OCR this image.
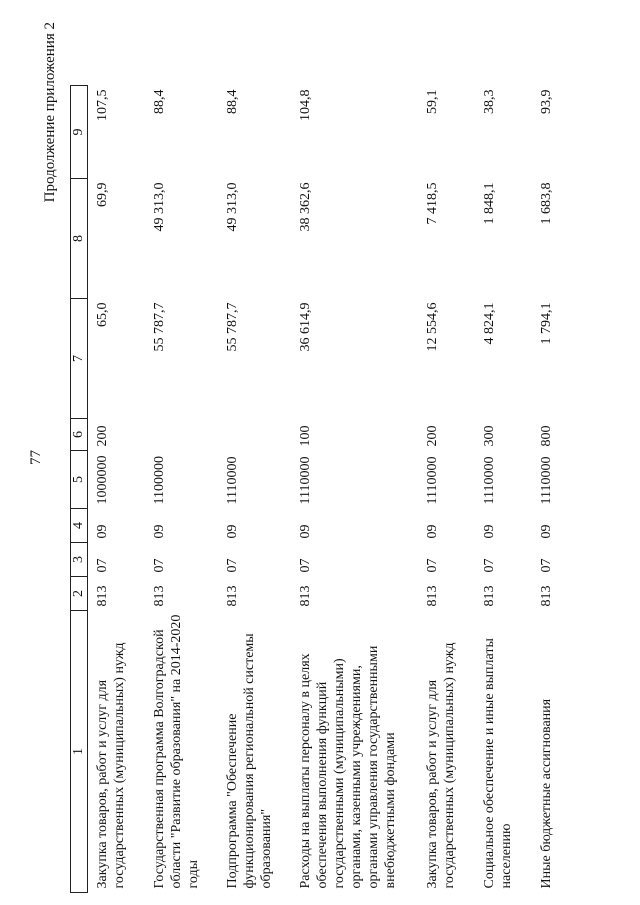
77
Продолжение приложения 2
1	2	3	4	5	6	7	8	9
Закупка товаров, работ и услуг для государственных (муниципальных) нужд	813	07	09	1000000	200	65,0	69,9	107,5
Государственная программа Волгоградской области "Развитие образования" на 2014-2020 годы	813	07	09	1100000		55 787,7	49 313,0	88,4
Подпрограмма "Обеспечение функционирования региональной системы образования"	813	07	09	1110000		55 787,7	49 313,0	88,4
Расходы на выплаты персоналу в целях обеспечения выполнения функций государственными (муниципальными) органами, казенными учреждениями, органами управления государственными внебюджетными фондами	813	07	09	1110000	100	36 614,9	38 362,6	104,8
Закупка товаров, работ и услуг для государственных (муниципальных) нужд	813	07	09	1110000	200	12 554,6	7 418,5	59,1
Социальное обеспечение и иные выплаты населению	813	07	09	1110000	300	4 824,1	1 848,1	38,3
Иные бюджетные ассигнования	813	07	09	1110000	800	1 794,1	1 683,8	93,9
